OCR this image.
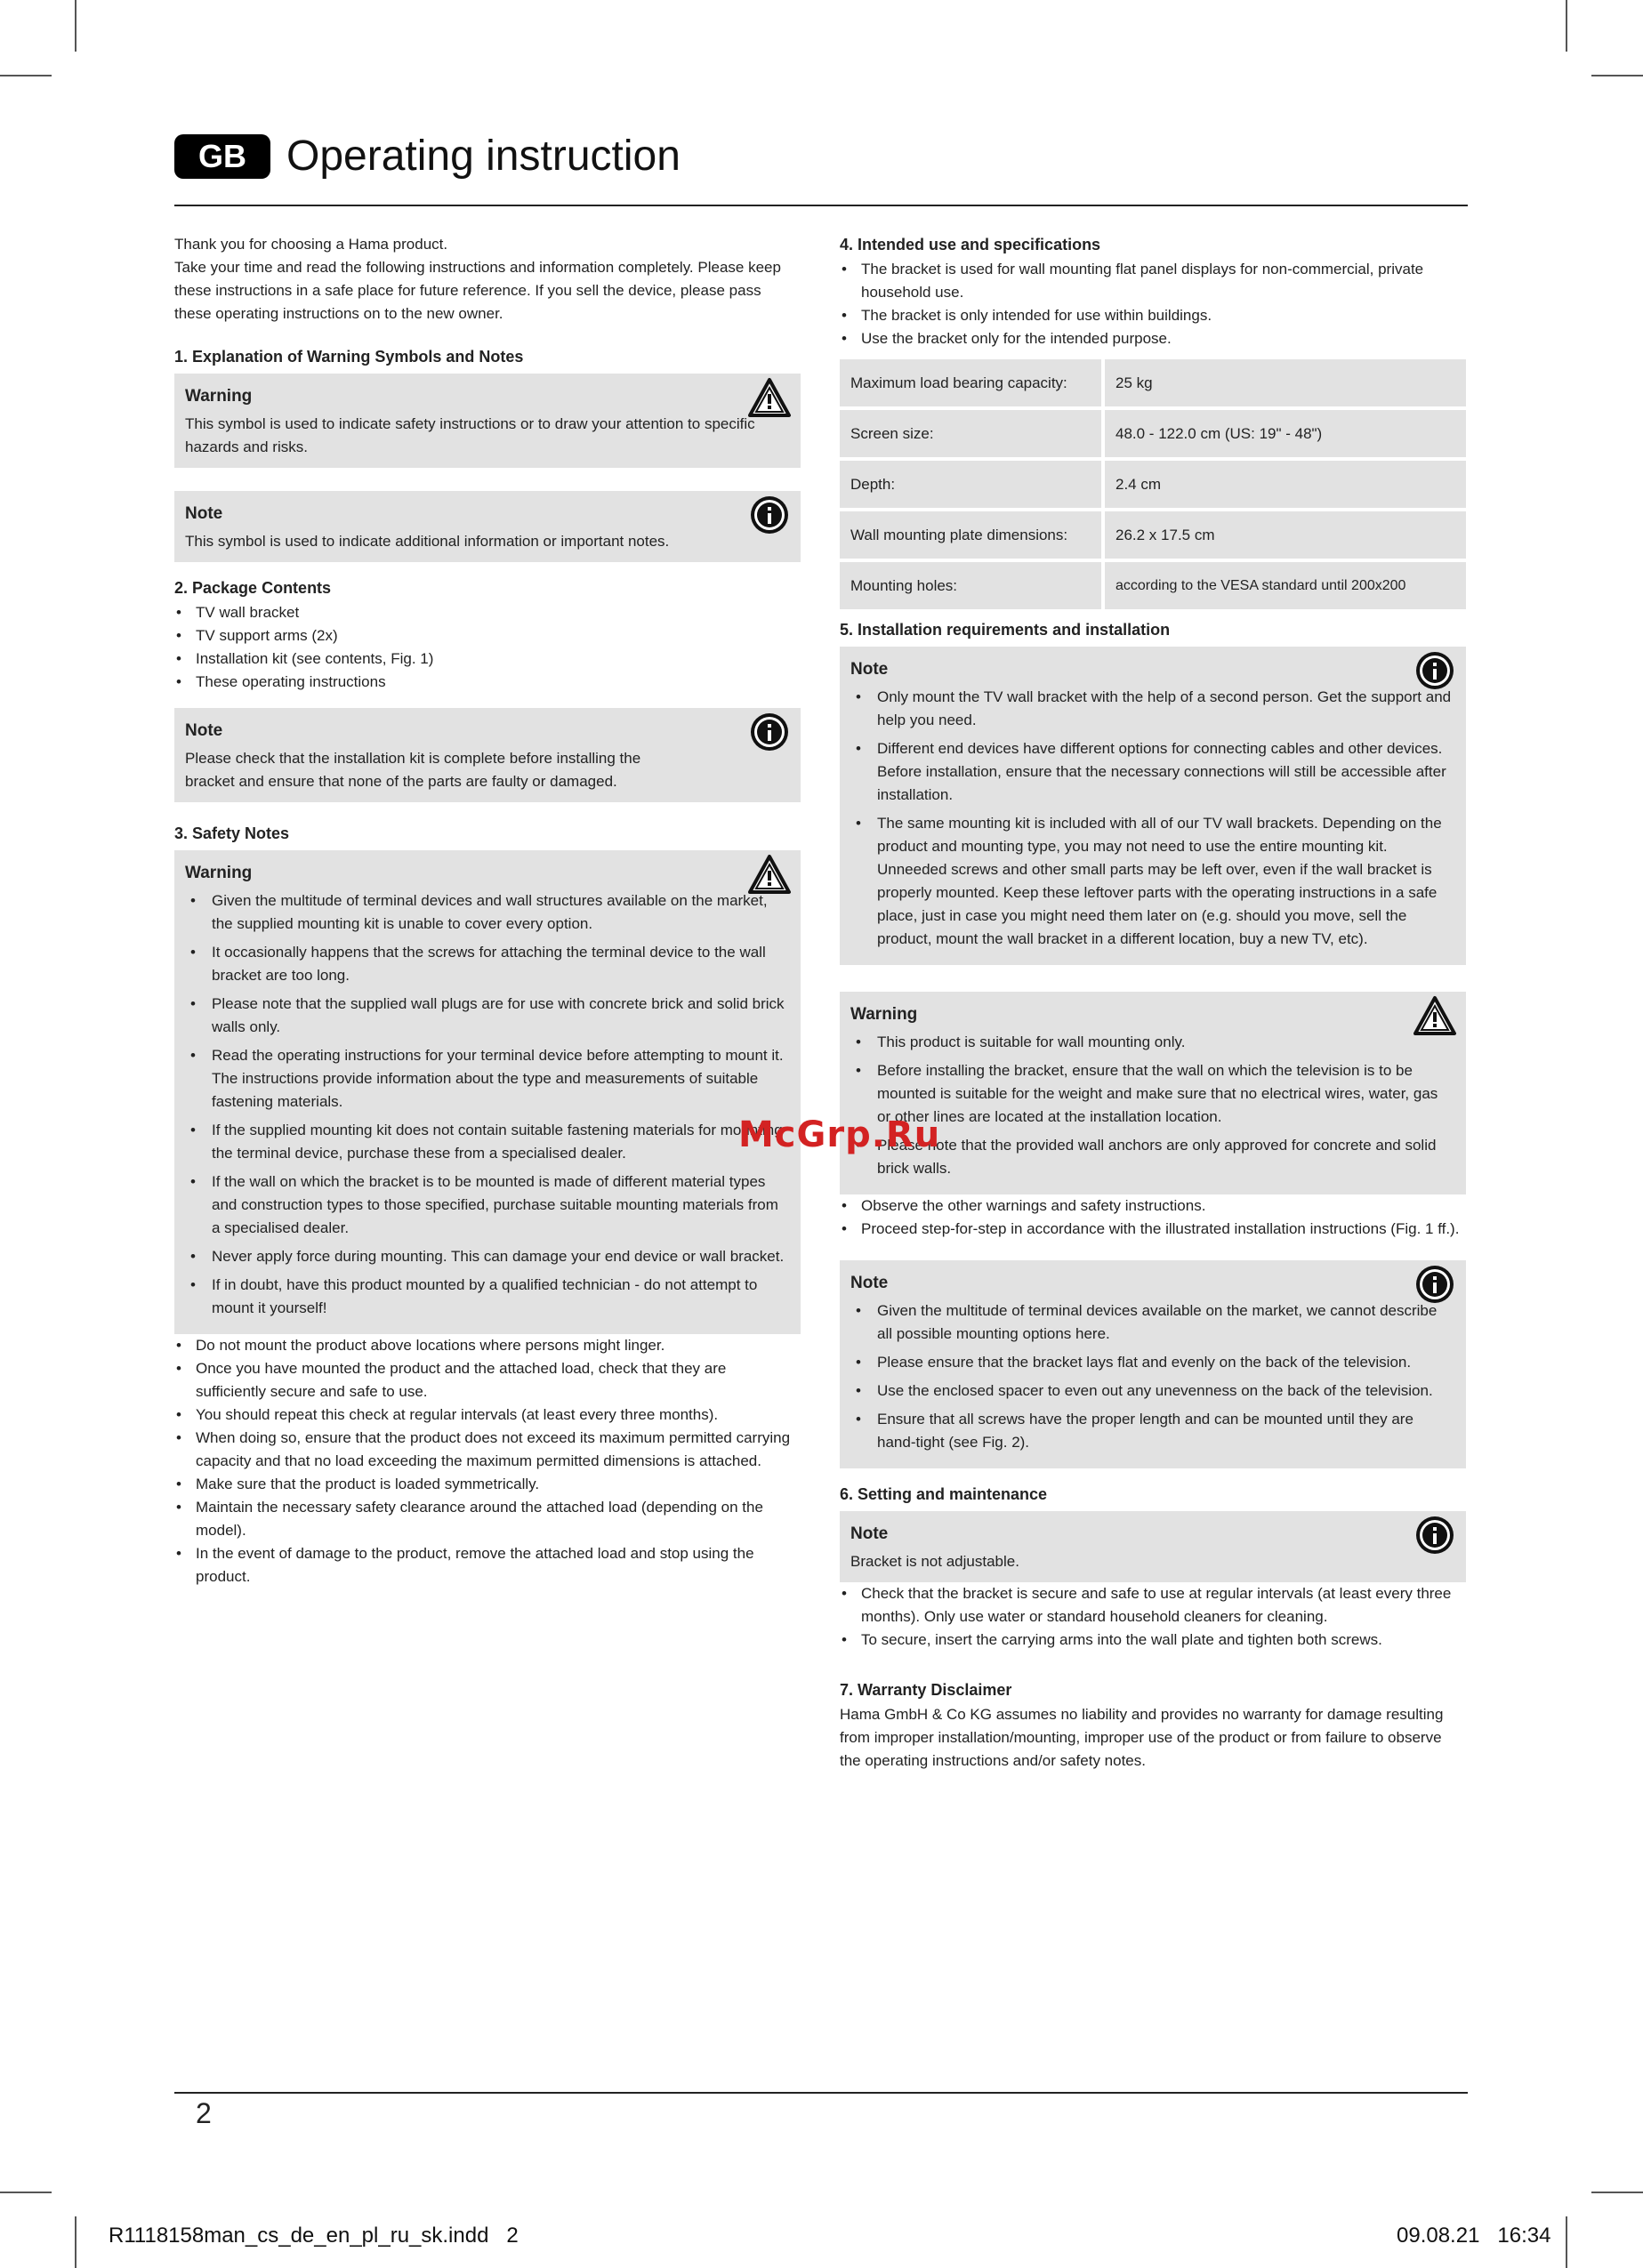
GB Operating instruction

Thank you for choosing a Hama product.

Take your time and read the following instructions and information completely. Please keep these instructions in a safe place for future reference. If you sell the device, please pass these operating instructions on to the new owner.

1. Explanation of Warning Symbols and Notes
Warning

This symbol is used to indicate safety instructions or to draw your attention to specific hazards and risks.

Note

This symbol is used to indicate additional information or important notes.

2. Package Contents
• TV wall bracket
• TV support arms (2x)
• Installation kit (see contents, Fig. 1)
• These operating instructions
Note

Please check that the installation kit is complete before installing the bracket and ensure that none of the parts are faulty or damaged.

3. Safety Notes
Warning
• Given the multitude of terminal devices and wall structures available on the market, the supplied mounting kit is unable to cover every option.
• It occasionally happens that the screws for attaching the terminal device to the wall bracket are too long.
• Please note that the supplied wall plugs are for use with concrete brick and solid brick walls only.
• Read the operating instructions for your terminal device before attempting to mount it. The instructions provide information about the type and measurements of suitable fastening materials.
• If the supplied mounting kit does not contain suitable fastening materials for mounting the terminal device, purchase these from a specialised dealer.
• If the wall on which the bracket is to be mounted is made of different material types and construction types to those specified, purchase suitable mounting materials from a specialised dealer.
• Never apply force during mounting. This can damage your end device or wall bracket.
• If in doubt, have this product mounted by a qualified technician - do not attempt to mount it yourself!
• Do not mount the product above locations where persons might linger.
• Once you have mounted the product and the attached load, check that they are sufficiently secure and safe to use.
• You should repeat this check at regular intervals (at least every three months).
• When doing so, ensure that the product does not exceed its maximum permitted carrying capacity and that no load exceeding the maximum permitted dimensions is attached.
• Make sure that the product is loaded symmetrically.
• Maintain the necessary safety clearance around the attached load (depending on the model).
• In the event of damage to the product, remove the attached load and stop using the product.
4. Intended use and specifications
• The bracket is used for wall mounting flat panel displays for non-commercial, private household use.
• The bracket is only intended for use within buildings.
• Use the bracket only for the intended purpose.
Maximum load bearing capacity:	25 kg
Screen size:	48.0 - 122.0 cm (US: 19" - 48")
Depth:	2.4 cm
Wall mounting plate dimensions:	26.2 x 17.5 cm
Mounting holes:	according to the VESA standard until 200x200
5. Installation requirements and installation
Note
• Only mount the TV wall bracket with the help of a second person. Get the support and help you need.
• Different end devices have different options for connecting cables and other devices. Before installation, ensure that the necessary connections will still be accessible after installation.
• The same mounting kit is included with all of our TV wall brackets. Depending on the product and mounting type, you may not need to use the entire mounting kit. Unneeded screws and other small parts may be left over, even if the wall bracket is properly mounted. Keep these leftover parts with the operating instructions in a safe place, just in case you might need them later on (e.g. should you move, sell the product, mount the wall bracket in a different location, buy a new TV, etc).
Warning
• This product is suitable for wall mounting only.
• Before installing the bracket, ensure that the wall on which the television is to be mounted is suitable for the weight and make sure that no electrical wires, water, gas or other lines are located at the installation location.
• Please note that the provided wall anchors are only approved for concrete and solid brick walls.
• Observe the other warnings and safety instructions.
• Proceed step-for-step in accordance with the illustrated installation instructions (Fig. 1 ff.).
Note
• Given the multitude of terminal devices available on the market, we cannot describe all possible mounting options here.
• Please ensure that the bracket lays flat and evenly on the back of the television.
• Use the enclosed spacer to even out any unevenness on the back of the television.
• Ensure that all screws have the proper length and can be mounted until they are hand-tight (see Fig. 2).
6. Setting and maintenance
Note

Bracket is not adjustable.

• Check that the bracket is secure and safe to use at regular intervals (at least every three months). Only use water or standard household cleaners for cleaning.
• To secure, insert the carrying arms into the wall plate and tighten both screws.
7. Warranty Disclaimer

Hama GmbH & Co KG assumes no liability and provides no warranty for damage resulting from improper installation/mounting, improper use of the product or from failure to observe the operating instructions and/or safety notes.

McGrp.Ru
2
R1118158man_cs_de_en_pl_ru_sk.indd   2	09.08.21   16:34
